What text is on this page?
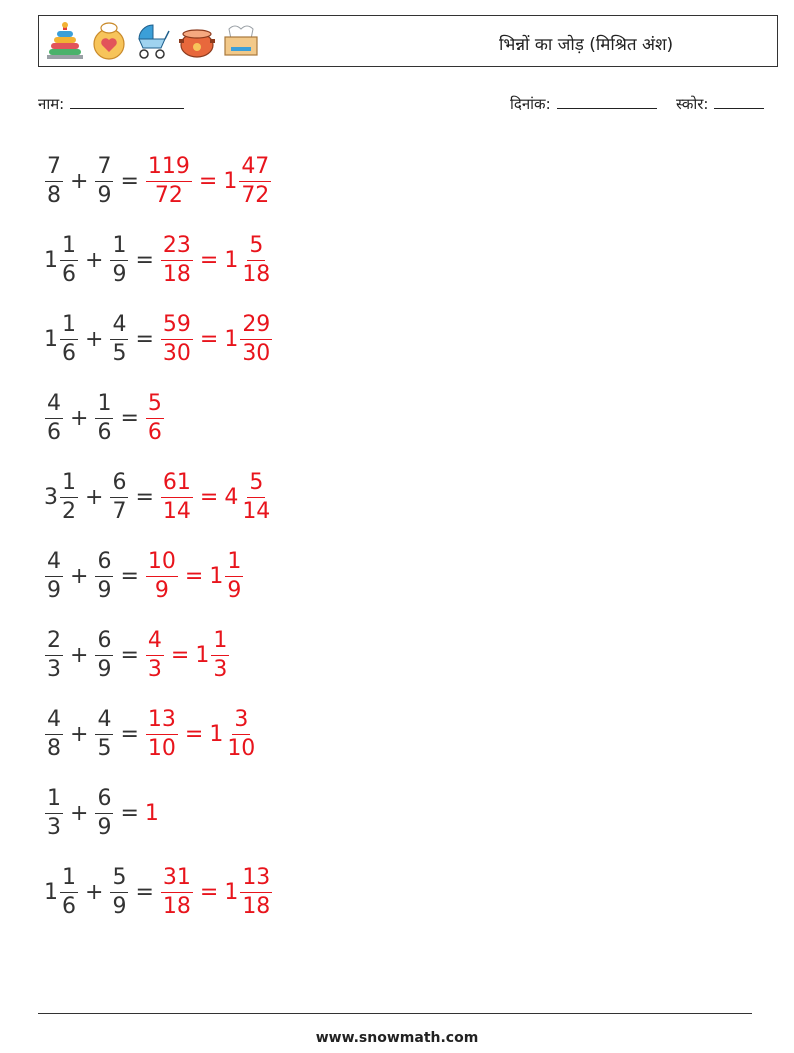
भिन्नों का जोड़ (मिश्रित अंश)
नाम:	दिनांक:	स्कोर:
$\frac{7}{8} + \frac{7}{9} = \frac{119}{72} = 1 \frac{47}{72}$
$1 \frac{1}{6} + \frac{1}{9} = \frac{23}{18} = 1 \frac{5}{18}$
$1 \frac{1}{6} + \frac{4}{5} = \frac{59}{30} = 1 \frac{29}{30}$
$\frac{4}{6} + \frac{1}{6} = \frac{5}{6}$
$3 \frac{1}{2} + \frac{6}{7} = \frac{61}{14} = 4 \frac{5}{14}$
$\frac{4}{9} + \frac{6}{9} = \frac{10}{9} = 1 \frac{1}{9}$
$\frac{2}{3} + \frac{6}{9} = \frac{4}{3} = 1 \frac{1}{3}$
$\frac{4}{8} + \frac{4}{5} = \frac{13}{10} = 1 \frac{3}{10}$
$\frac{1}{3} + \frac{6}{9} = 1$
$1 \frac{1}{6} + \frac{5}{9} = \frac{31}{18} = 1 \frac{13}{18}$
www.snowmath.com
